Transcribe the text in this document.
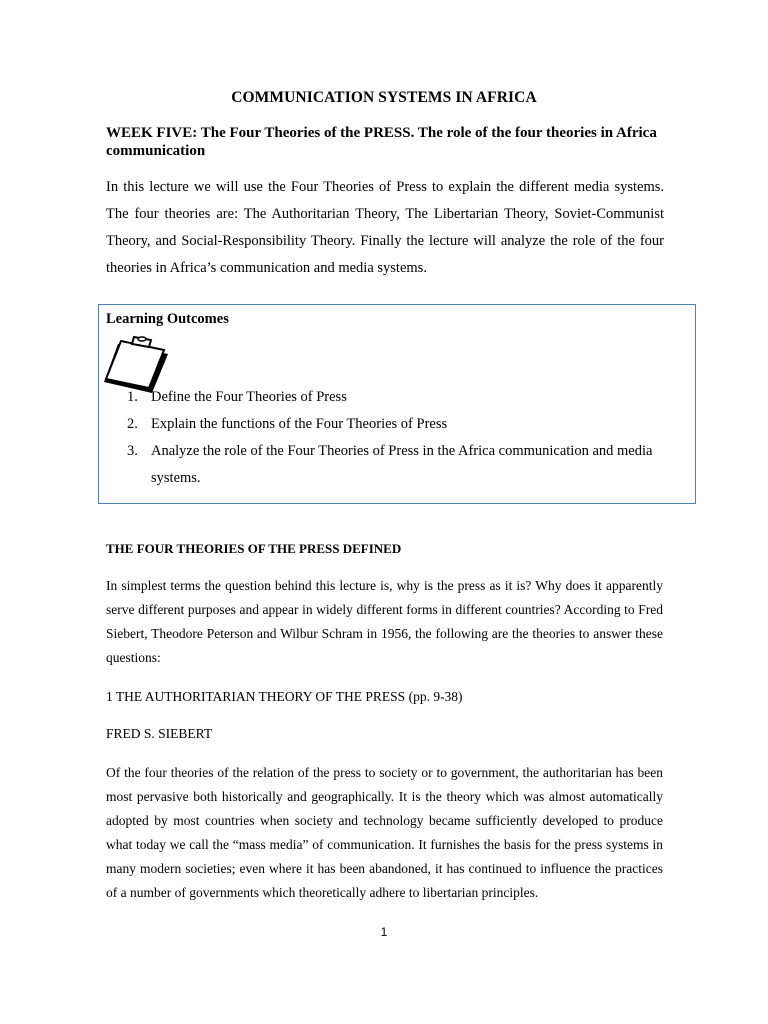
COMMUNICATION SYSTEMS IN AFRICA
WEEK FIVE: The Four Theories of the PRESS. The role of the four theories in Africa communication

In this lecture we will use the Four Theories of Press to explain the different media systems. The four theories are: The Authoritarian Theory, The Libertarian Theory, Soviet-Communist Theory, and Social-Responsibility Theory. Finally the lecture will analyze the role of the four theories in Africa’s communication and media systems.

Learning Outcomes
1. Define the Four Theories of Press
2. Explain the functions of the Four Theories of Press
3. Analyze the role of the Four Theories of Press in the Africa communication and media systems.
THE FOUR THEORIES OF THE PRESS DEFINED

In simplest terms the question behind this lecture is, why is the press as it is? Why does it apparently serve different purposes and appear in widely different forms in different countries? According to Fred Siebert, Theodore Peterson and Wilbur Schram in 1956, the following are the theories to answer these questions:

1 THE AUTHORITARIAN THEORY OF THE PRESS (pp. 9-38)
FRED S. SIEBERT

Of the four theories of the relation of the press to society or to government, the authoritarian has been most pervasive both historically and geographically. It is the theory which was almost automatically adopted by most countries when society and technology became sufficiently developed to produce what today we call the “mass media” of communication. It furnishes the basis for the press systems in many modern societies; even where it has been abandoned, it has continued to influence the practices of a number of governments which theoretically adhere to libertarian principles.

1
